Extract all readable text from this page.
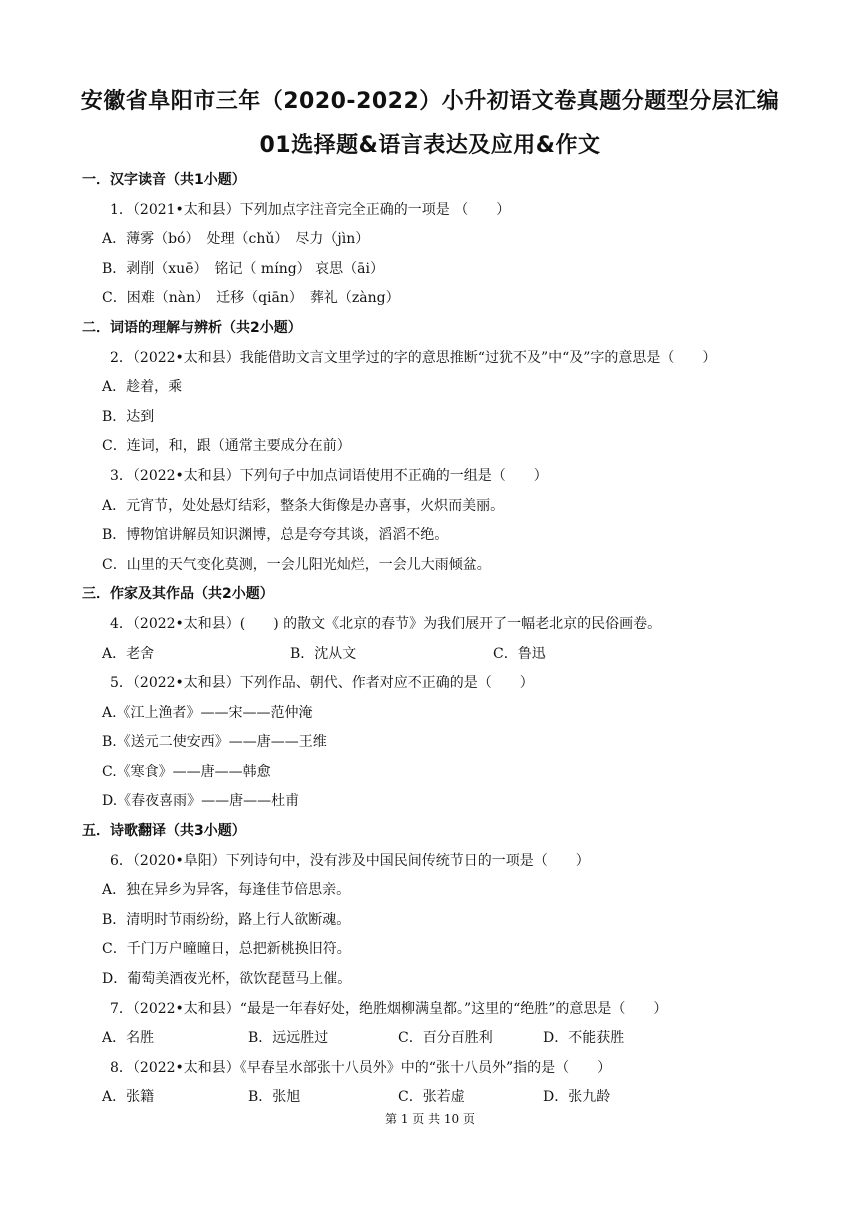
安徽省阜阳市三年（2020-2022）小升初语文卷真题分题型分层汇编
01选择题&语言表达及应用&作文
一．汉字读音（共1小题）
1．（2021•太和县）下列加点字注音完全正确的一项是 （　　）
A．薄雾（bó）　处理（chǔ）　尽力（jìn）
B．剥削（xuē）　铭记（ míng） 哀思（āi）
C．困难（nàn）　迁移（qiān）　葬礼（zàng）
二．词语的理解与辨析（共2小题）
2．（2022•太和县）我能借助文言文里学过的字的意思推断“过犹不及”中“及”字的意思是（　　）
A．趁着，乘
B．达到
C．连词，和，跟（通常主要成分在前）
3．（2022•太和县）下列句子中加点词语使用不正确的一组是（　　）
A．元宵节，处处悬灯结彩，整条大街像是办喜事，火炽而美丽。
B．博物馆讲解员知识渊博，总是夸夸其谈，滔滔不绝。
C．山里的天气变化莫测，一会儿阳光灿烂，一会儿大雨倾盆。
三．作家及其作品（共2小题）
4．（2022•太和县）(　　) 的散文《北京的春节》为我们展开了一幅老北京的民俗画卷。
A．老舍	B．沈从文	C．鲁迅
5．（2022•太和县）下列作品、朝代、作者对应不正确的是（　　）
A.《江上渔者》——宋——范仲淹
B.《送元二使安西》——唐——王维
C.《寒食》——唐——韩愈
D.《春夜喜雨》——唐——杜甫
五．诗歌翻译（共3小题）
6．（2020•阜阳）下列诗句中，没有涉及中国民间传统节日的一项是（　　）
A．独在异乡为异客，每逢佳节倍思亲。
B．清明时节雨纷纷，路上行人欲断魂。
C．千门万户曈曈日，总把新桃换旧符。
D．葡萄美酒夜光杯，欲饮琵琶马上催。
7．（2022•太和县）“最是一年春好处，绝胜烟柳满皇都。”这里的“绝胜”的意思是（　　）
A．名胜	B．远远胜过	C．百分百胜利	D．不能获胜
8．（2022•太和县）《早春呈水部张十八员外》中的“张十八员外”指的是（　　）
A．张籍	B．张旭	C．张若虚	D．张九龄
第 1 页 共 10 页
